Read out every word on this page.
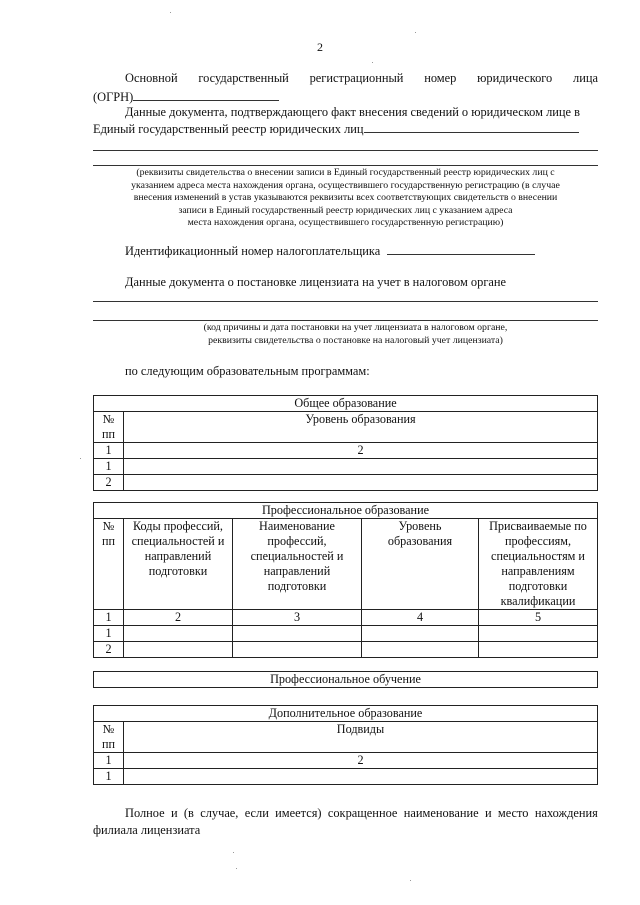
2
Основной государственный регистрационный номер юридического лица
(ОГРН)
Данные документа, подтверждающего факт внесения сведений о юридическом лице в
Единый государственный реестр юридических лиц
(реквизиты свидетельства о внесении записи в Единый государственный реестр юридических лиц с
указанием адреса места нахождения органа, осуществившего государственную регистрацию (в случае
внесения изменений в устав указываются реквизиты всех соответствующих свидетельств о внесении
записи в Единый государственный реестр юридических лиц с указанием адреса
места нахождения органа, осуществившего государственную регистрацию)
Идентификационный номер налогоплательщика
Данные документа о постановке лицензиата на учет в налоговом органе
(код причины и дата постановки на учет лицензиата в налоговом органе,
реквизиты свидетельства о постановке на налоговый учет лицензиата)
по следующим образовательным программам:
Общее образование	
№ пп	Уровень образования
1	2
1	
2	
Профессиональное образование				
№ пп	Коды профессий, специальностей и направлений подготовки	Наименование профессий, специальностей и направлений подготовки	Уровень образования	Присваиваемые по профессиям, специальностям и направлениям подготовки квалификации
1	2	3	4	5
1				
2				
Профессиональное обучение
Дополнительное образование	
№ пп	Подвиды
1	2
1	
Полное и (в случае, если имеется) сокращенное наименование и место нахождения
филиала лицензиата
